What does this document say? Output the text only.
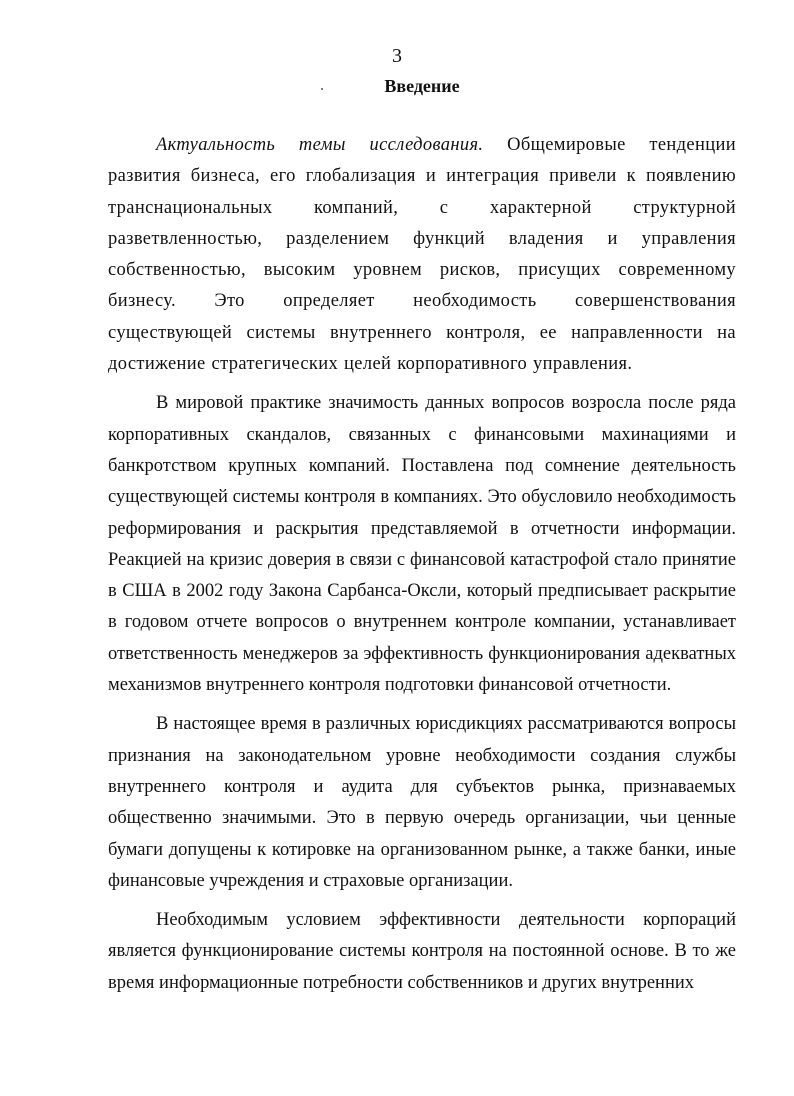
3
Введение

Актуальность темы исследования. Общемировые тенденции развития бизнеса, его глобализация и интеграция привели к появлению транснациональных компаний, с характерной структурной разветвленностью, разделением функций владения и управления собственностью, высоким уровнем рисков, присущих современному бизнесу. Это определяет необходимость совершенствования существующей системы внутреннего контроля, ее направленности на достижение стратегических целей корпоративного управления.

В мировой практике значимость данных вопросов возросла после ряда корпоративных скандалов, связанных с финансовыми махинациями и банкротством крупных компаний. Поставлена под сомнение деятельность существующей системы контроля в компаниях. Это обусловило необходимость реформирования и раскрытия представляемой в отчетности информации. Реакцией на кризис доверия в связи с финансовой катастрофой стало принятие в США в 2002 году Закона Сарбанса-Оксли, который предписывает раскрытие в годовом отчете вопросов о внутреннем контроле компании, устанавливает ответственность менеджеров за эффективность функционирования адекватных механизмов внутреннего контроля подготовки финансовой отчетности.

В настоящее время в различных юрисдикциях рассматриваются вопросы признания на законодательном уровне необходимости создания службы внутреннего контроля и аудита для субъектов рынка, признаваемых общественно значимыми. Это в первую очередь организации, чьи ценные бумаги допущены к котировке на организованном рынке, а также банки, иные финансовые учреждения и страховые организации.

Необходимым условием эффективности деятельности корпораций является функционирование системы контроля на постоянной основе. В то же время информационные потребности собственников и других внутренних
